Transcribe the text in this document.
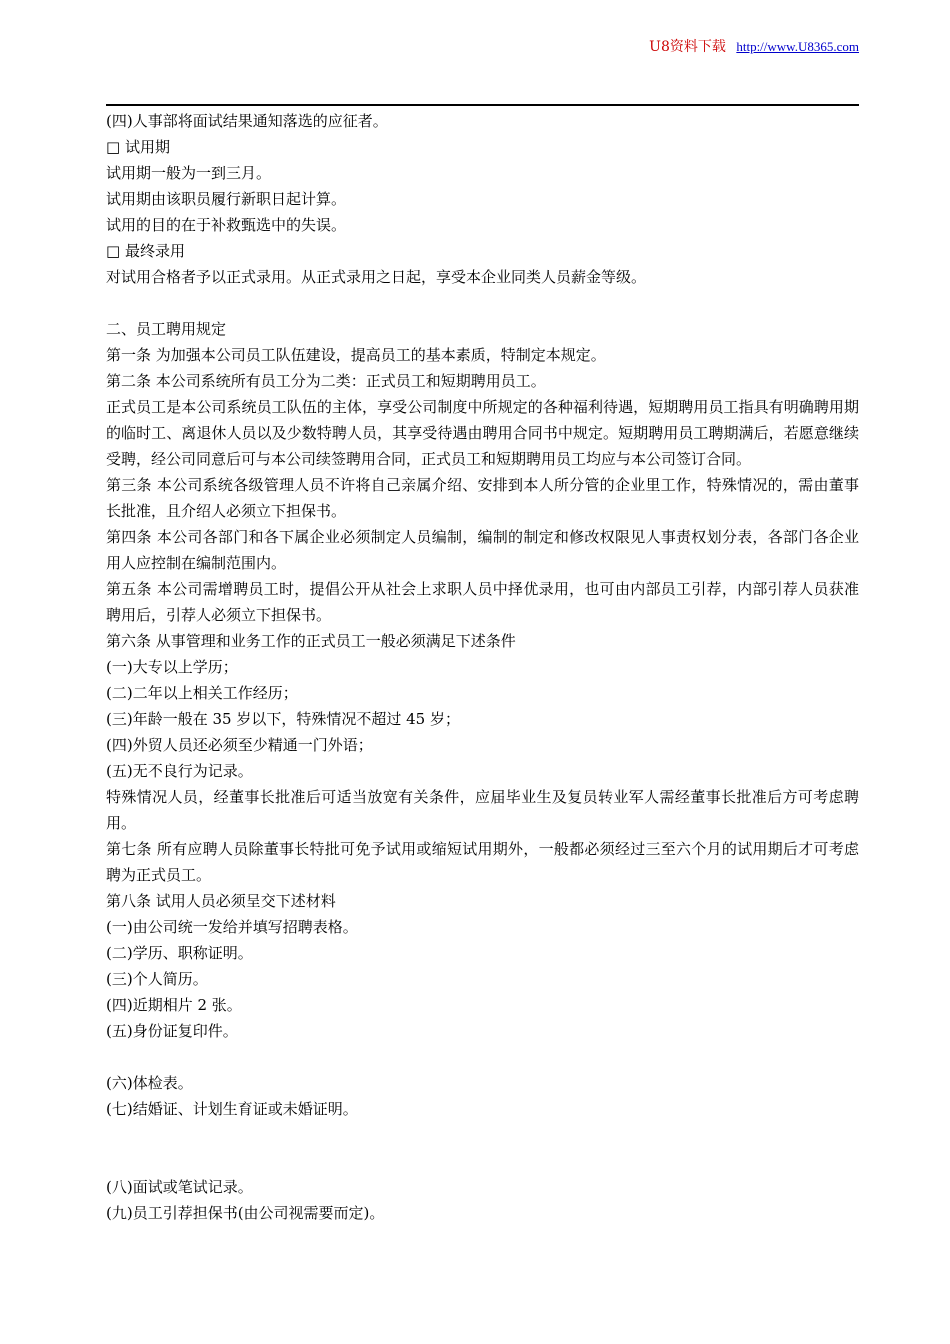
U8资料下载 http://www.U8365.com

(四)人事部将面试结果通知落选的应征者。

□ 试用期

试用期一般为一到三月。

试用期由该职员履行新职日起计算。

试用的目的在于补救甄选中的失误。

□ 最终录用

对试用合格者予以正式录用。从正式录用之日起，享受本企业同类人员薪金等级。

二、员工聘用规定

第一条 为加强本公司员工队伍建设，提高员工的基本素质，特制定本规定。

第二条 本公司系统所有员工分为二类：正式员工和短期聘用员工。

正式员工是本公司系统员工队伍的主体，享受公司制度中所规定的各种福利待遇，短期聘用员工指具有明确聘用期的临时工、离退休人员以及少数特聘人员，其享受待遇由聘用合同书中规定。短期聘用员工聘期满后，若愿意继续受聘，经公司同意后可与本公司续签聘用合同，正式员工和短期聘用员工均应与本公司签订合同。

第三条 本公司系统各级管理人员不许将自己亲属介绍、安排到本人所分管的企业里工作，特殊情况的，需由董事长批准，且介绍人必须立下担保书。

第四条 本公司各部门和各下属企业必须制定人员编制，编制的制定和修改权限见人事责权划分表，各部门各企业用人应控制在编制范围内。

第五条 本公司需增聘员工时，提倡公开从社会上求职人员中择优录用，也可由内部员工引荐，内部引荐人员获准聘用后，引荐人必须立下担保书。

第六条 从事管理和业务工作的正式员工一般必须满足下述条件

(一)大专以上学历；

(二)二年以上相关工作经历；

(三)年龄一般在 35 岁以下，特殊情况不超过 45 岁；

(四)外贸人员还必须至少精通一门外语；

(五)无不良行为记录。

特殊情况人员，经董事长批准后可适当放宽有关条件，应届毕业生及复员转业军人需经董事长批准后方可考虑聘用。

第七条 所有应聘人员除董事长特批可免予试用或缩短试用期外，一般都必须经过三至六个月的试用期后才可考虑聘为正式员工。

第八条 试用人员必须呈交下述材料

(一)由公司统一发给并填写招聘表格。

(二)学历、职称证明。

(三)个人简历。

(四)近期相片 2 张。

(五)身份证复印件。

(六)体检表。

(七)结婚证、计划生育证或未婚证明。

(八)面试或笔试记录。

(九)员工引荐担保书(由公司视需要而定)。
